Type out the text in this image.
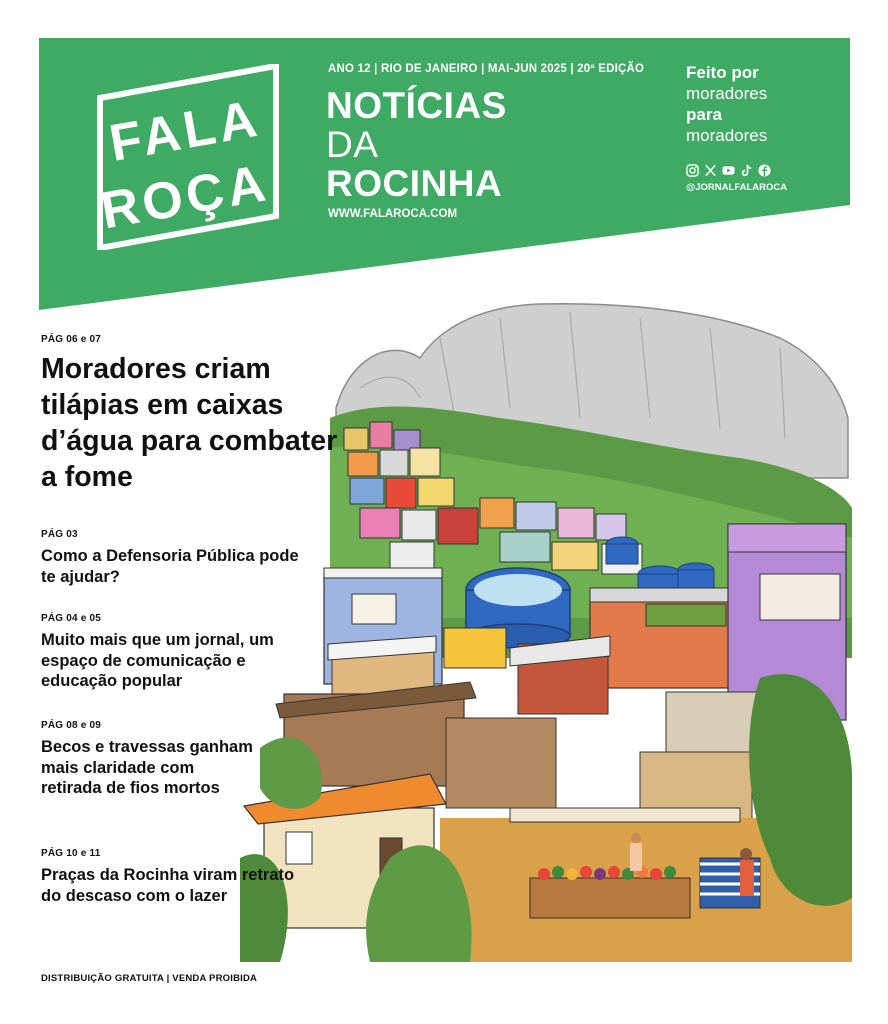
FALA
ROÇA
ANO 12 | RIO DE JANEIRO | MAI-JUN 2025 | 20ª EDIÇÃO
NOTÍCIAS
DA
ROCINHA
WWW.FALAROCA.COM
Feito por
moradores
para
moradores
@JORNALFALAROCA
PÁG 06 e 07
Moradores criam tilápias em caixas d’água para combater a fome
PÁG 03
Como a Defensoria Pública pode te ajudar?
PÁG 04 e 05
Muito mais que um jornal, um espaço de comunicação e educação popular
PÁG 08 e 09
Becos e travessas ganham mais claridade com retirada de fios mortos
PÁG 10 e 11
Praças da Rocinha viram retrato do descaso com o lazer
DISTRIBUIÇÃO GRATUITA | VENDA PROIBIDA
